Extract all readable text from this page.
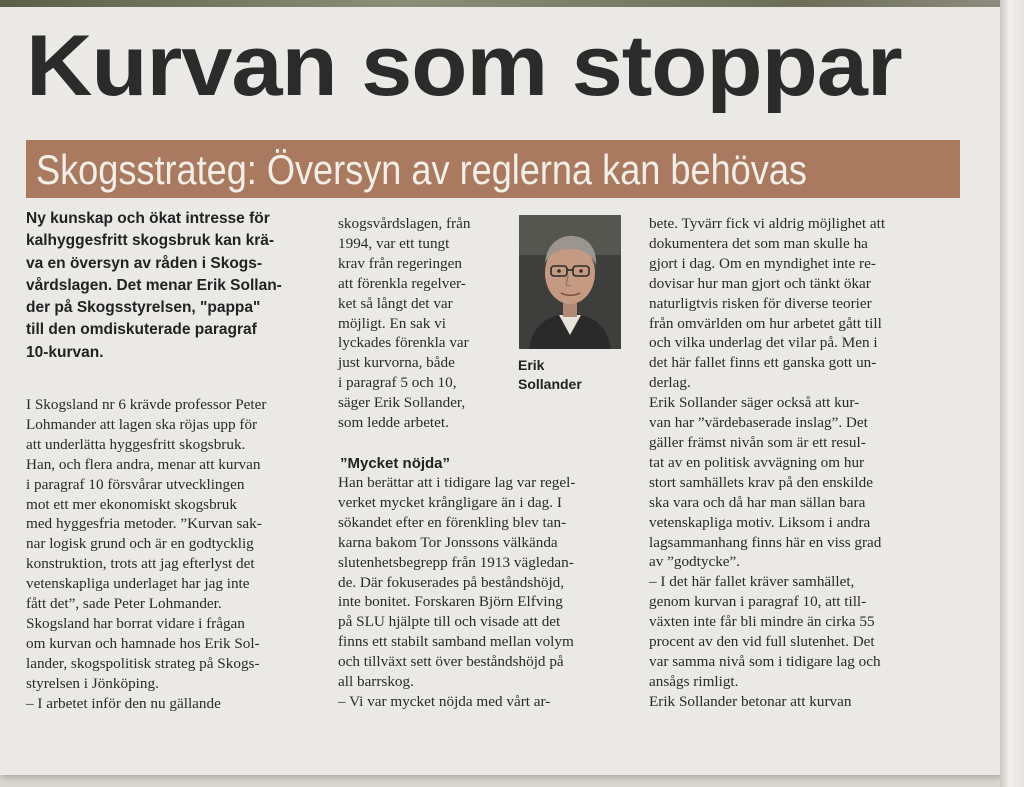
Kurvan som stoppar
Skogsstrateg: Översyn av reglerna kan behövas
Ny kunskap och ökat intresse för
kalhyggesfritt skogsbruk kan krä-
va en översyn av råden i Skogs-
vårdslagen. Det menar Erik Sollan-
der på Skogsstyrelsen, "pappa"
till den omdiskuterade paragraf
10-kurvan.
I Skogsland nr 6 krävde professor Peter
Lohmander att lagen ska röjas upp för
att underlätta hyggesfritt skogsbruk.
Han, och flera andra, menar att kurvan
i paragraf 10 försvårar utvecklingen
mot ett mer ekonomiskt skogsbruk
med hyggesfria metoder. ”Kurvan sak-
nar logisk grund och är en godtycklig
konstruktion, trots att jag efterlyst det
vetenskapliga underlaget har jag inte
fått det”, sade Peter Lohmander.
Skogsland har borrat vidare i frågan
om kurvan och hamnade hos Erik Sol-
lander, skogspolitisk strateg på Skogs-
styrelsen i Jönköping.
– I arbetet inför den nu gällande
skogsvårdslagen, från
1994, var ett tungt
krav från regeringen
att förenkla regelver-
ket så långt det var
möjligt. En sak vi
lyckades förenkla var
just kurvorna, både
i paragraf 5 och 10,
säger Erik Sollander,
som ledde arbetet.
Erik
Sollander
”Mycket nöjda”
Han berättar att i tidigare lag var regel-
verket mycket krångligare än i dag. I
sökandet efter en förenkling blev tan-
karna bakom Tor Jonssons välkända
slutenhetsbegrepp från 1913 vägledan-
de. Där fokuserades på beståndshöjd,
inte bonitet. Forskaren Björn Elfving
på SLU hjälpte till och visade att det
finns ett stabilt samband mellan volym
och tillväxt sett över beståndshöjd på
all barrskog.
– Vi var mycket nöjda med vårt ar-
bete. Tyvärr fick vi aldrig möjlighet att
dokumentera det som man skulle ha
gjort i dag. Om en myndighet inte re-
dovisar hur man gjort och tänkt ökar
naturligtvis risken för diverse teorier
från omvärlden om hur arbetet gått till
och vilka underlag det vilar på. Men i
det här fallet finns ett ganska gott un-
derlag.
Erik Sollander säger också att kur-
van har ”värdebaserade inslag”. Det
gäller främst nivån som är ett resul-
tat av en politisk avvägning om hur
stort samhällets krav på den enskilde
ska vara och då har man sällan bara
vetenskapliga motiv. Liksom i andra
lagsammanhang finns här en viss grad
av ”godtycke”.
– I det här fallet kräver samhället,
genom kurvan i paragraf 10, att till-
växten inte får bli mindre än cirka 55
procent av den vid full slutenhet. Det
var samma nivå som i tidigare lag och
ansågs rimligt.
Erik Sollander betonar att kurvan
